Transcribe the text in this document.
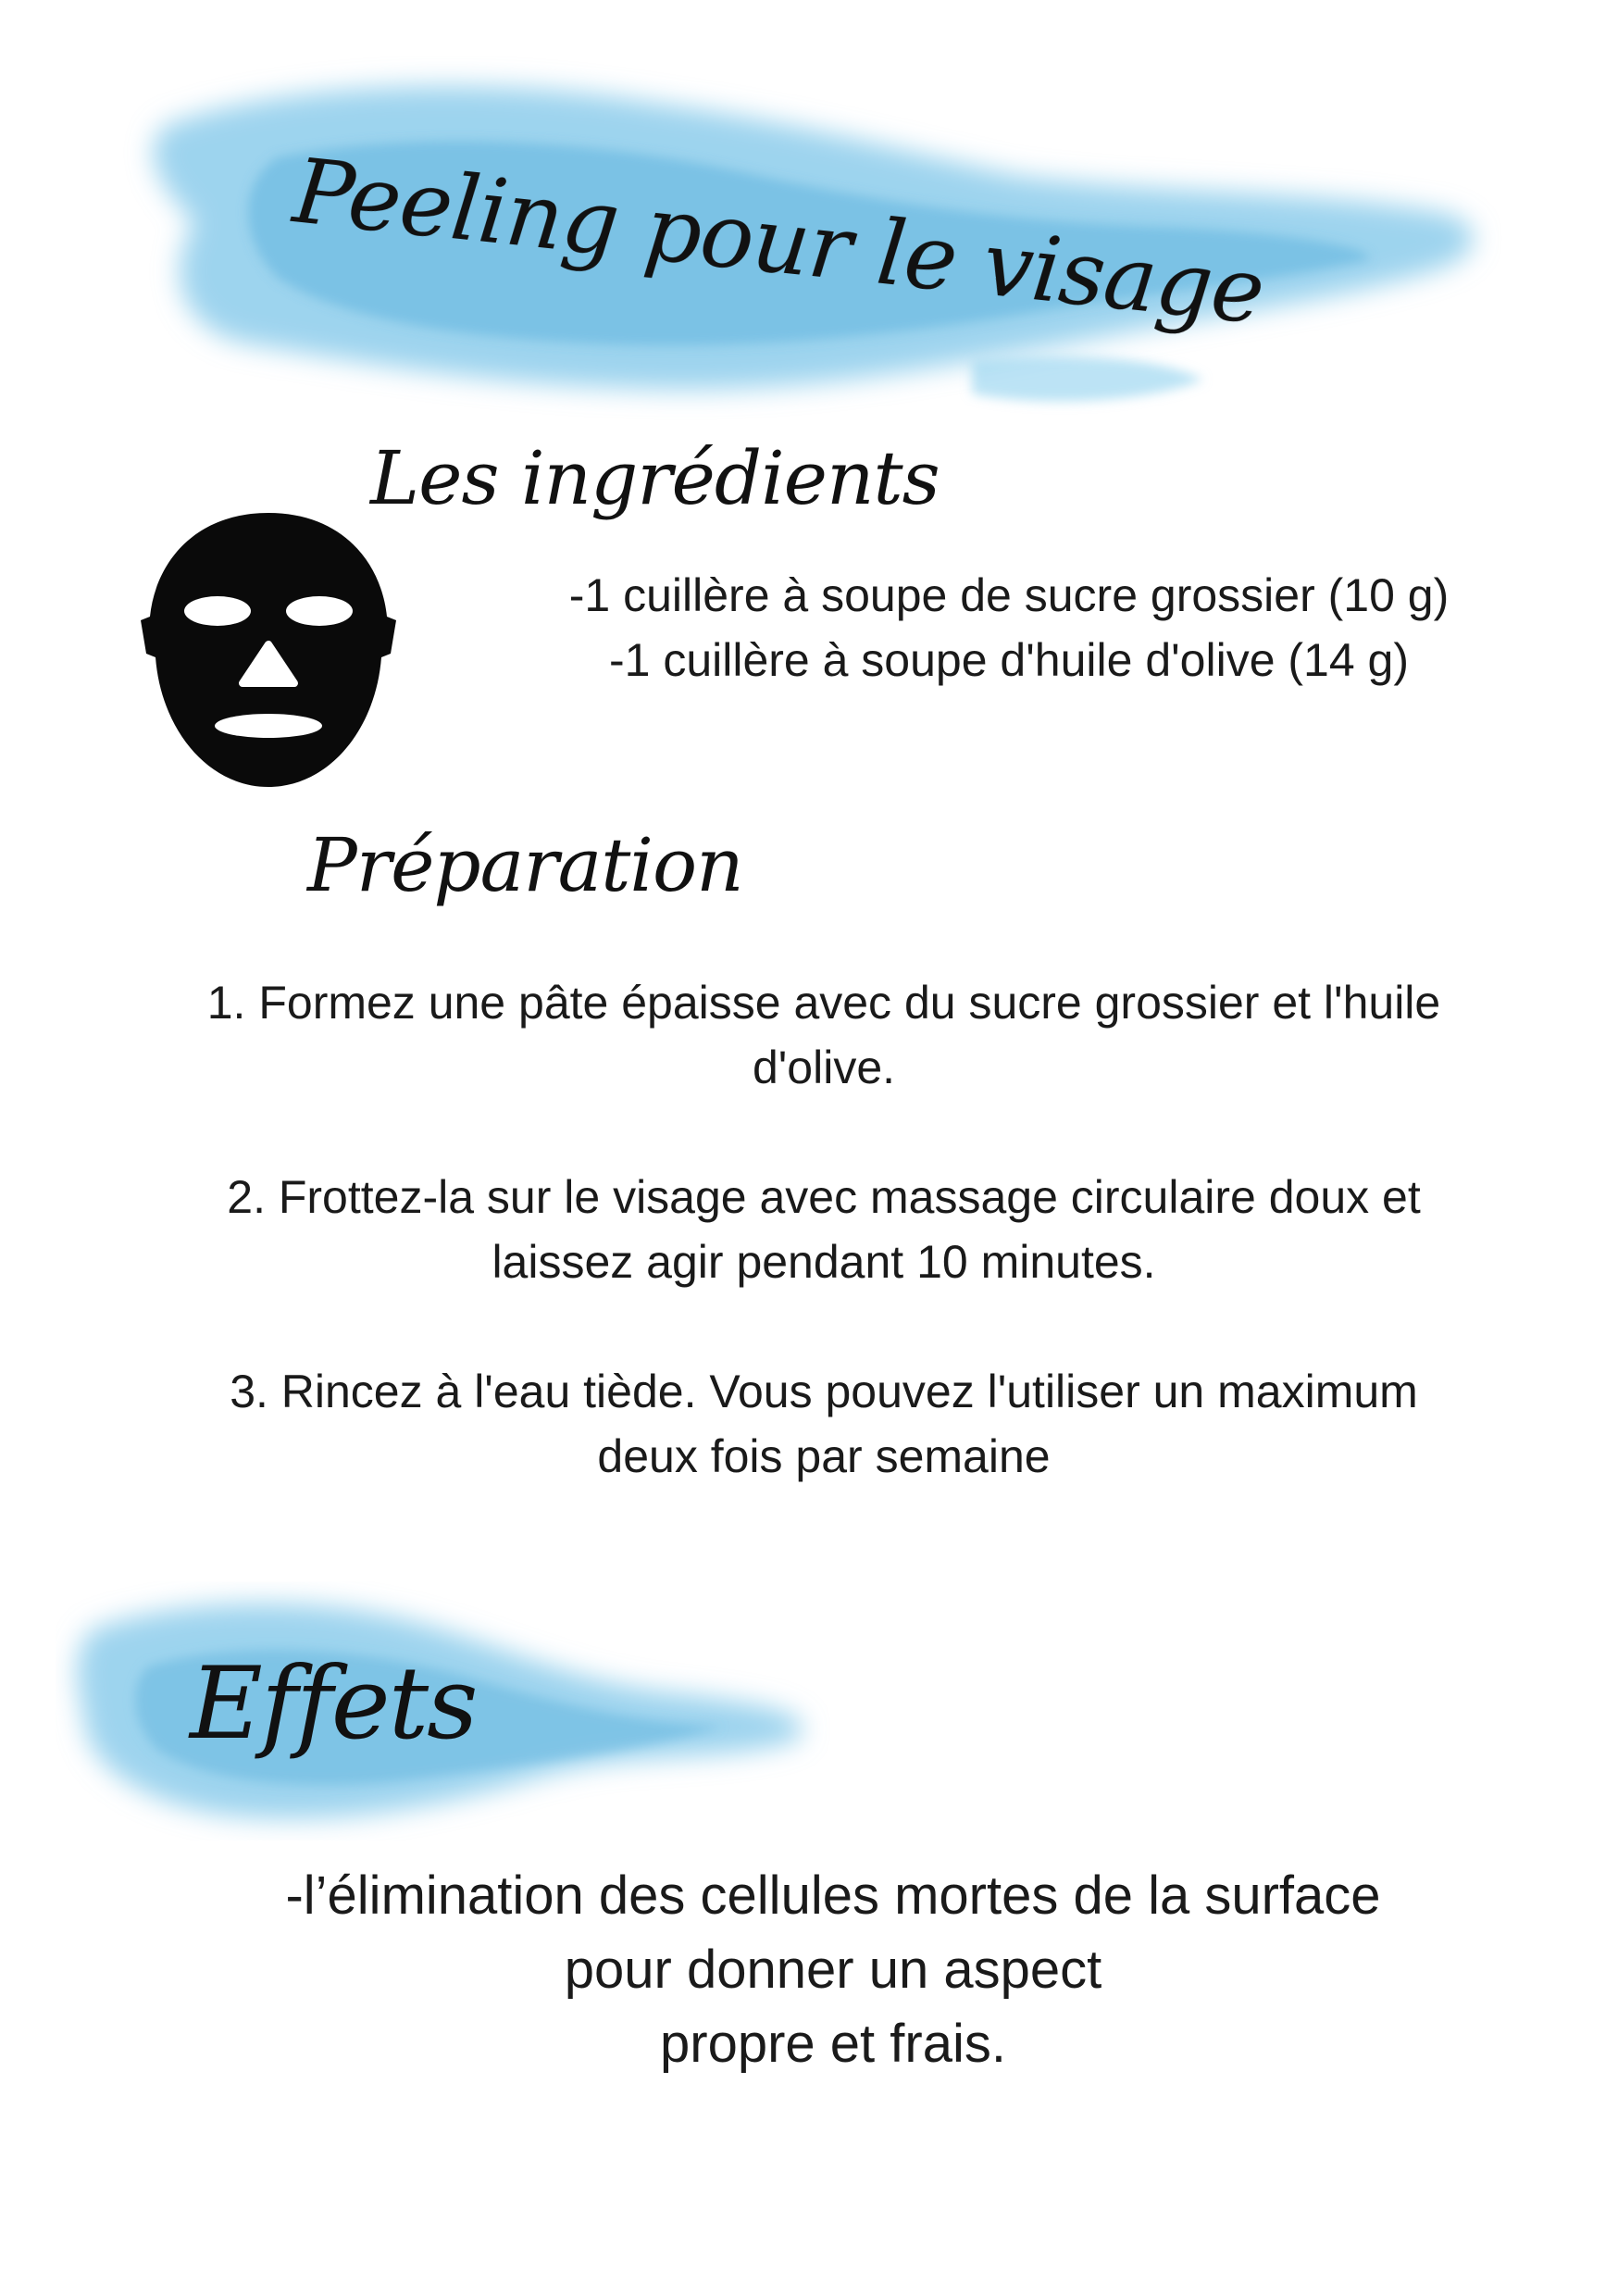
Peeling pour le visage
Les ingrédients
-1 cuillère à soupe de sucre grossier (10 g)
-1 cuillère à soupe d'huile d'olive (14 g)
Préparation
1. Formez une pâte épaisse avec du sucre grossier et l'huile
d'olive.
2. Frottez-la sur le visage avec massage circulaire doux et
laissez agir pendant 10 minutes.
3. Rincez à l'eau tiède. Vous pouvez l'utiliser un maximum
deux fois par semaine
Effets
-l’élimination des cellules mortes de la surface
pour donner un aspect
propre et frais.
